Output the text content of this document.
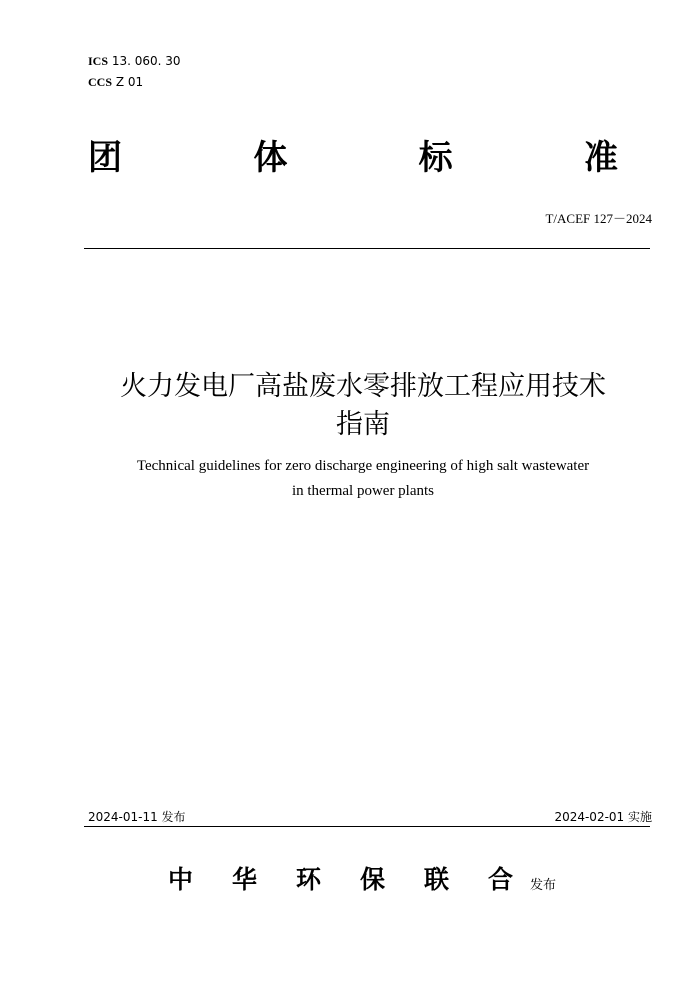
ICS 13. 060. 30
CCS Z 01
团	体	标	准
T/ACEF 127－2024
火力发电厂高盐废水零排放工程应用技术
指南
Technical guidelines for zero discharge engineering of high salt wastewater
in thermal power plants
2024-01-11 发布	2024-02-01 实施
中	华	环	保	联	合	发布
